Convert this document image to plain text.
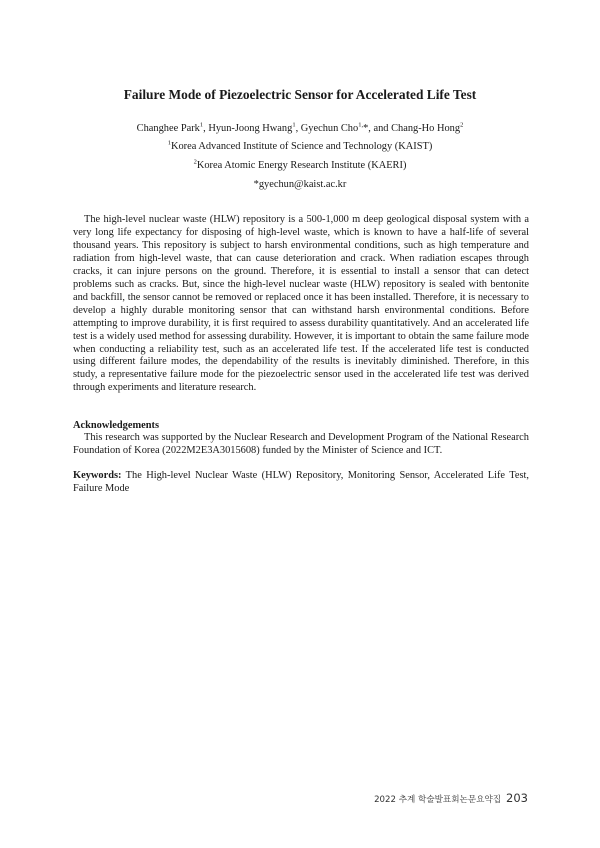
Failure Mode of Piezoelectric Sensor for Accelerated Life Test
Changhee Park$^1$, Hyun-Joong Hwang$^1$, Gyechun Cho$^{1,}$*, and Chang-Ho Hong$^2$
$^1$Korea Advanced Institute of Science and Technology (KAIST)
$^2$Korea Atomic Energy Research Institute (KAERI)
*gyechun@kaist.ac.kr
The high-level nuclear waste (HLW) repository is a 500-1,000 m deep geological disposal system with a very long life expectancy for disposing of high-level waste, which is known to have a half-life of several thousand years. This repository is subject to harsh environmental conditions, such as high temperature and radiation from high-level waste, that can cause deterioration and crack. When radiation escapes through cracks, it can injure persons on the ground. Therefore, it is essential to install a sensor that can detect problems such as cracks. But, since the high-level nuclear waste (HLW) repository is sealed with bentonite and backfill, the sensor cannot be removed or replaced once it has been installed. Therefore, it is necessary to develop a highly durable monitoring sensor that can withstand harsh environmental conditions. Before attempting to improve durability, it is first required to assess durability quantitatively. And an accelerated life test is a widely used method for assessing durability. However, it is important to obtain the same failure mode when conducting a reliability test, such as an accelerated life test. If the accelerated life test is conducted using different failure modes, the dependability of the results is inevitably diminished. Therefore, in this study, a representative failure mode for the piezoelectric sensor used in the accelerated life test was derived through experiments and literature research.
Acknowledgements
This research was supported by the Nuclear Research and Development Program of the National Research Foundation of Korea (2022M2E3A3015608) funded by the Minister of Science and ICT.
Keywords: The High-level Nuclear Waste (HLW) Repository, Monitoring Sensor, Accelerated Life Test, Failure Mode
2022 추계 학술발표회논문요약집 203
